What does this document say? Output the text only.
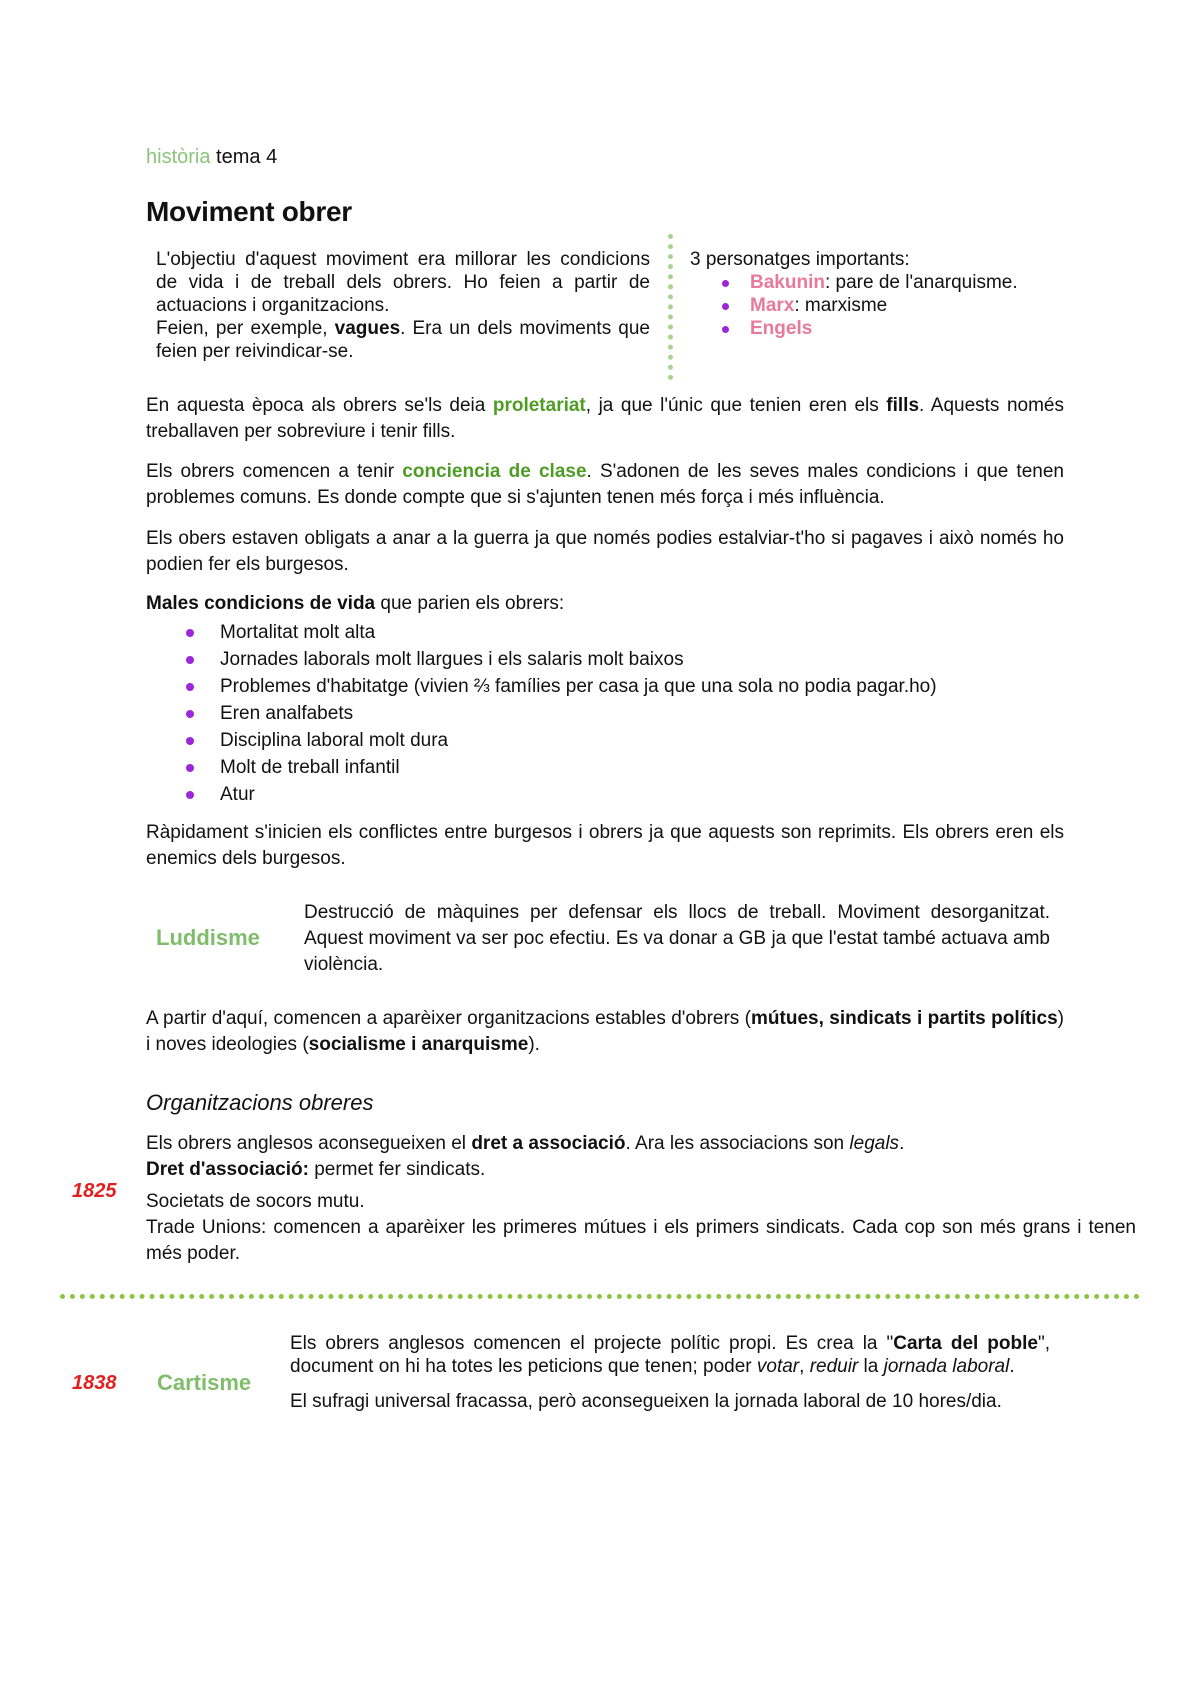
història tema 4
Moviment obrer
L'objectiu d'aquest moviment era millorar les condicions de vida i de treball dels obrers. Ho feien a partir de actuacions i organitzacions.
Feien, per exemple, vagues. Era un dels moviments que feien per reivindicar-se.
3 personatges importants:
Bakunin: pare de l'anarquisme.
Marx: marxisme
Engels
En aquesta època als obrers se'ls deia proletariat, ja que l'únic que tenien eren els fills. Aquests només treballaven per sobreviure i tenir fills.
Els obrers comencen a tenir conciencia de clase. S'adonen de les seves males condicions i que tenen problemes comuns. Es donde compte que si s'ajunten tenen més força i més influència.
Els obers estaven obligats a anar a la guerra ja que només podies estalviar-t'ho si pagaves i això només ho podien fer els burgesos.
Males condicions de vida que parien els obrers:
Mortalitat molt alta
Jornades laborals molt llargues i els salaris molt baixos
Problemes d'habitatge (vivien ⅔ famílies per casa ja que una sola no podia pagar.ho)
Eren analfabets
Disciplina laboral molt dura
Molt de treball infantil
Atur
Ràpidament s'inicien els conflictes entre burgesos i obrers ja que aquests son reprimits. Els obrers eren els enemics dels burgesos.
Luddisme
Destrucció de màquines per defensar els llocs de treball. Moviment desorganitzat. Aquest moviment va ser poc efectiu. Es va donar a GB ja que l'estat també actuava amb violència.
A partir d'aquí, comencen a aparèixer organitzacions estables d'obrers (mútues, sindicats i partits polítics) i noves ideologies (socialisme i anarquisme).
Organitzacions obreres
1825
Els obrers anglesos aconsegueixen el dret a associació. Ara les associacions son legals.
Dret d'associació: permet fer sindicats.
Societats de socors mutu.
Trade Unions: comencen a aparèixer les primeres mútues i els primers sindicats. Cada cop son més grans i tenen més poder.
1838 Cartisme
Els obrers anglesos comencen el projecte polític propi. Es crea la "Carta del poble", document on hi ha totes les peticions que tenen; poder votar, reduir la jornada laboral.
El sufragi universal fracassa, però aconsegueixen la jornada laboral de 10 hores/dia.
